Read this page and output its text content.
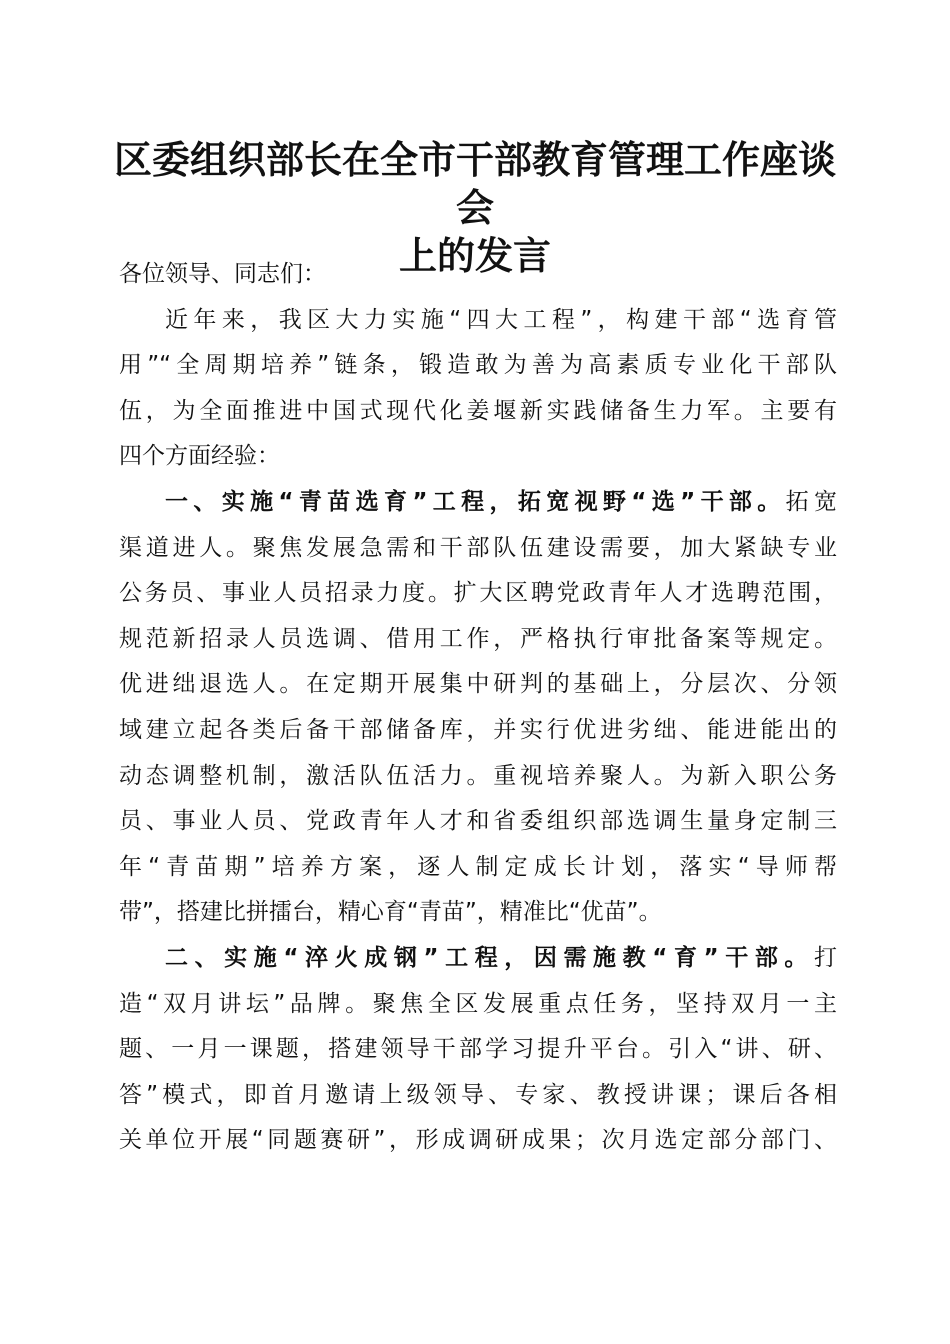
区委组织部长在全市干部教育管理工作座谈会
上的发言
各位领导、同志们：
近年来，我区大力实施“四大工程”，构建干部“选育管
用”“全周期培养”链条，锻造敢为善为高素质专业化干部队
伍，为全面推进中国式现代化姜堰新实践储备生力军。主要有
四个方面经验：
一、实施“青苗选育”工程，拓宽视野“选”干部。拓宽
渠道进人。聚焦发展急需和干部队伍建设需要，加大紧缺专业
公务员、事业人员招录力度。扩大区聘党政青年人才选聘范围，
规范新招录人员选调、借用工作，严格执行审批备案等规定。
优进绌退选人。在定期开展集中研判的基础上，分层次、分领
域建立起各类后备干部储备库，并实行优进劣绌、能进能出的
动态调整机制，激活队伍活力。重视培养聚人。为新入职公务
员、事业人员、党政青年人才和省委组织部选调生量身定制三
年“青苗期”培养方案，逐人制定成长计划，落实“导师帮
带”，搭建比拼擂台，精心育“青苗”，精准比“优苗”。
二、实施“淬火成钢”工程，因需施教“育”干部。打
造“双月讲坛”品牌。聚焦全区发展重点任务，坚持双月一主
题、一月一课题，搭建领导干部学习提升平台。引入“讲、研、
答”模式，即首月邀请上级领导、专家、教授讲课；课后各相
关单位开展“同题赛研”，形成调研成果；次月选定部分部门、
